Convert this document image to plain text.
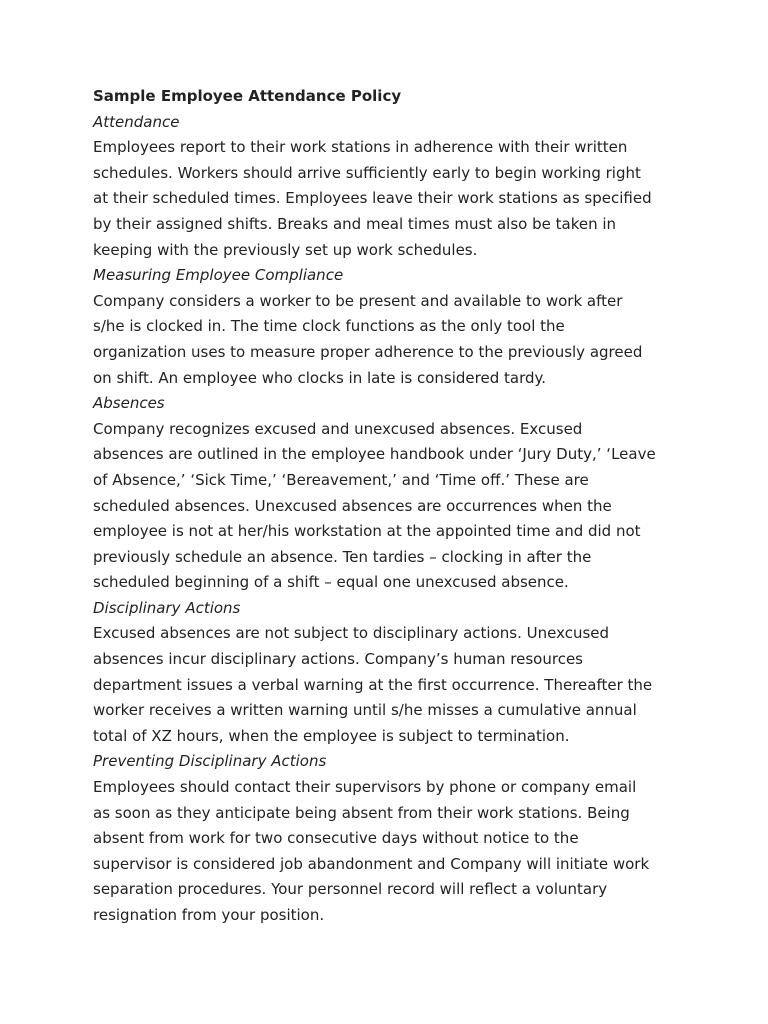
Sample Employee Attendance Policy
Attendance
Employees report to their work stations in adherence with their written
schedules. Workers should arrive sufficiently early to begin working right
at their scheduled times. Employees leave their work stations as specified
by their assigned shifts. Breaks and meal times must also be taken in
keeping with the previously set up work schedules.
Measuring Employee Compliance
Company considers a worker to be present and available to work after
s/he is clocked in. The time clock functions as the only tool the
organization uses to measure proper adherence to the previously agreed
on shift. An employee who clocks in late is considered tardy.
Absences
Company recognizes excused and unexcused absences. Excused
absences are outlined in the employee handbook under ‘Jury Duty,’ ‘Leave
of Absence,’ ‘Sick Time,’ ‘Bereavement,’ and ‘Time off.’ These are
scheduled absences. Unexcused absences are occurrences when the
employee is not at her/his workstation at the appointed time and did not
previously schedule an absence. Ten tardies – clocking in after the
scheduled beginning of a shift – equal one unexcused absence.
Disciplinary Actions
Excused absences are not subject to disciplinary actions. Unexcused
absences incur disciplinary actions. Company’s human resources
department issues a verbal warning at the first occurrence. Thereafter the
worker receives a written warning until s/he misses a cumulative annual
total of XZ hours, when the employee is subject to termination.
Preventing Disciplinary Actions
Employees should contact their supervisors by phone or company email
as soon as they anticipate being absent from their work stations. Being
absent from work for two consecutive days without notice to the
supervisor is considered job abandonment and Company will initiate work
separation procedures. Your personnel record will reflect a voluntary
resignation from your position.
